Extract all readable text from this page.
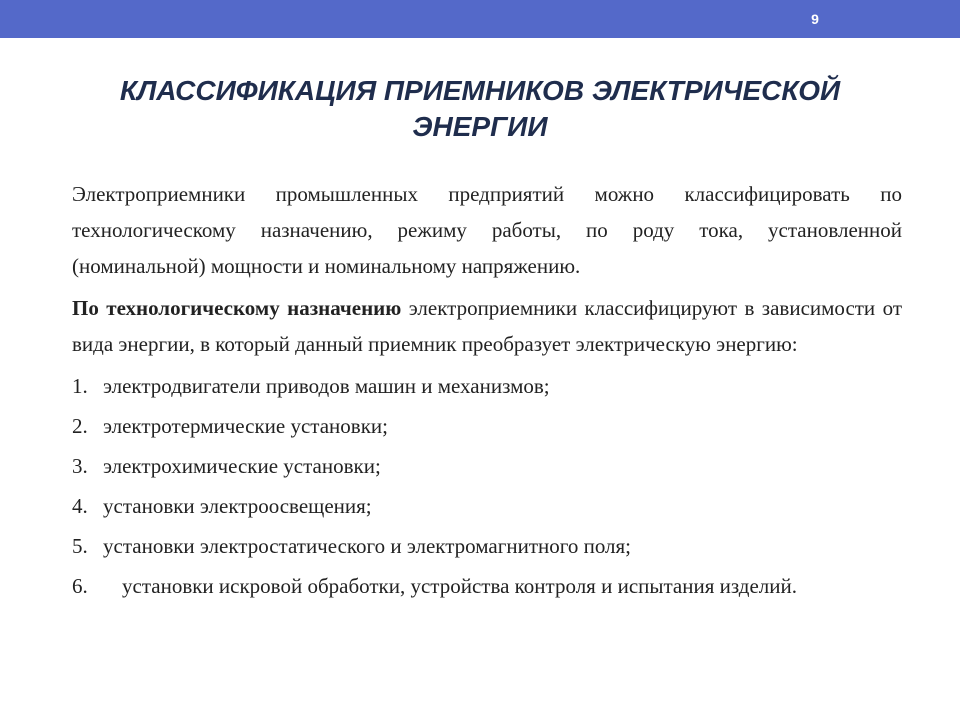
9
КЛАССИФИКАЦИЯ ПРИЕМНИКОВ ЭЛЕКТРИЧЕСКОЙ
ЭНЕРГИИ

Электроприемники промышленных предприятий можно классифицировать по технологическому назначению, режиму работы, по роду тока, установленной (номинальной) мощности и номинальному напряжению.

По технологическому назначению электроприемники классифицируют в зависимости от вида энергии, в который данный приемник преобразует электрическую энергию:

1. электродвигатели приводов машин и механизмов;
2. электротермические установки;
3. электрохимические установки;
4. установки электроосвещения;
5. установки электростатического и электромагнитного поля;
6. установки искровой обработки, устройства контроля и испытания изделий.
